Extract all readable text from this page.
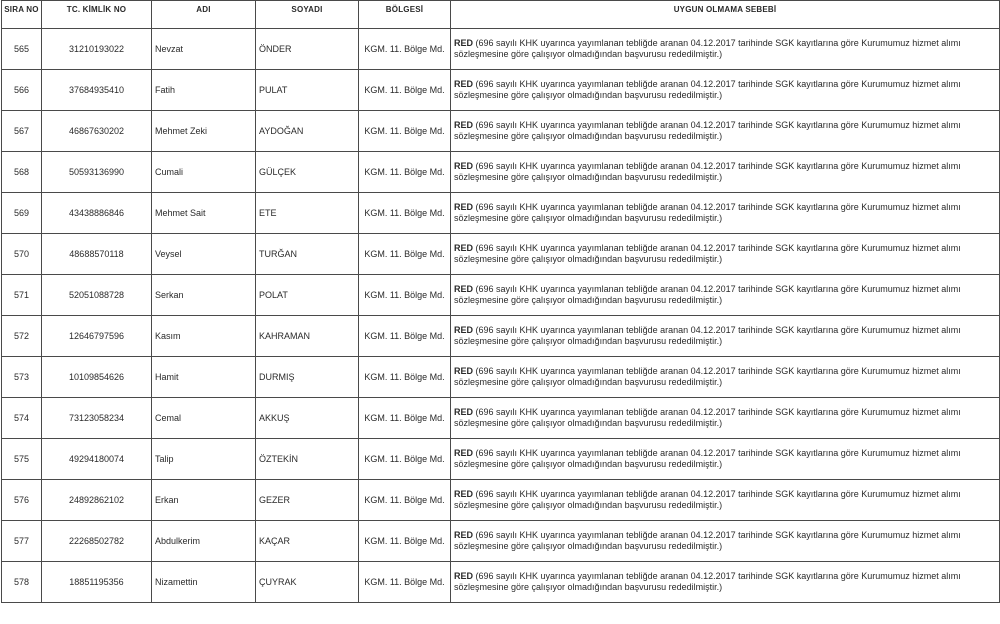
SIRA NO	TC. KİMLİK NO	ADI	SOYADI	BÖLGESİ	UYGUN OLMAMA SEBEBİ
565	31210193022	Nevzat	ÖNDER	KGM. 11. Bölge Md.	RED (696 sayılı KHK uyarınca yayımlanan tebliğde aranan 04.12.2017 tarihinde SGK kayıtlarına göre Kurumumuz hizmet alımı sözleşmesine göre çalışıyor olmadığından başvurusu rededilmiştir.)
566	37684935410	Fatih	PULAT	KGM. 11. Bölge Md.	RED (696 sayılı KHK uyarınca yayımlanan tebliğde aranan 04.12.2017 tarihinde SGK kayıtlarına göre Kurumumuz hizmet alımı sözleşmesine göre çalışıyor olmadığından başvurusu rededilmiştir.)
567	46867630202	Mehmet Zeki	AYDOĞAN	KGM. 11. Bölge Md.	RED (696 sayılı KHK uyarınca yayımlanan tebliğde aranan 04.12.2017 tarihinde SGK kayıtlarına göre Kurumumuz hizmet alımı sözleşmesine göre çalışıyor olmadığından başvurusu rededilmiştir.)
568	50593136990	Cumali	GÜLÇEK	KGM. 11. Bölge Md.	RED (696 sayılı KHK uyarınca yayımlanan tebliğde aranan 04.12.2017 tarihinde SGK kayıtlarına göre Kurumumuz hizmet alımı sözleşmesine göre çalışıyor olmadığından başvurusu rededilmiştir.)
569	43438886846	Mehmet Sait	ETE	KGM. 11. Bölge Md.	RED (696 sayılı KHK uyarınca yayımlanan tebliğde aranan 04.12.2017 tarihinde SGK kayıtlarına göre Kurumumuz hizmet alımı sözleşmesine göre çalışıyor olmadığından başvurusu rededilmiştir.)
570	48688570118	Veysel	TURĞAN	KGM. 11. Bölge Md.	RED (696 sayılı KHK uyarınca yayımlanan tebliğde aranan 04.12.2017 tarihinde SGK kayıtlarına göre Kurumumuz hizmet alımı sözleşmesine göre çalışıyor olmadığından başvurusu rededilmiştir.)
571	52051088728	Serkan	POLAT	KGM. 11. Bölge Md.	RED (696 sayılı KHK uyarınca yayımlanan tebliğde aranan 04.12.2017 tarihinde SGK kayıtlarına göre Kurumumuz hizmet alımı sözleşmesine göre çalışıyor olmadığından başvurusu rededilmiştir.)
572	12646797596	Kasım	KAHRAMAN	KGM. 11. Bölge Md.	RED (696 sayılı KHK uyarınca yayımlanan tebliğde aranan 04.12.2017 tarihinde SGK kayıtlarına göre Kurumumuz hizmet alımı sözleşmesine göre çalışıyor olmadığından başvurusu rededilmiştir.)
573	10109854626	Hamit	DURMIŞ	KGM. 11. Bölge Md.	RED (696 sayılı KHK uyarınca yayımlanan tebliğde aranan 04.12.2017 tarihinde SGK kayıtlarına göre Kurumumuz hizmet alımı sözleşmesine göre çalışıyor olmadığından başvurusu rededilmiştir.)
574	73123058234	Cemal	AKKUŞ	KGM. 11. Bölge Md.	RED (696 sayılı KHK uyarınca yayımlanan tebliğde aranan 04.12.2017 tarihinde SGK kayıtlarına göre Kurumumuz hizmet alımı sözleşmesine göre çalışıyor olmadığından başvurusu rededilmiştir.)
575	49294180074	Talip	ÖZTEKİN	KGM. 11. Bölge Md.	RED (696 sayılı KHK uyarınca yayımlanan tebliğde aranan 04.12.2017 tarihinde SGK kayıtlarına göre Kurumumuz hizmet alımı sözleşmesine göre çalışıyor olmadığından başvurusu rededilmiştir.)
576	24892862102	Erkan	GEZER	KGM. 11. Bölge Md.	RED (696 sayılı KHK uyarınca yayımlanan tebliğde aranan 04.12.2017 tarihinde SGK kayıtlarına göre Kurumumuz hizmet alımı sözleşmesine göre çalışıyor olmadığından başvurusu rededilmiştir.)
577	22268502782	Abdulkerim	KAÇAR	KGM. 11. Bölge Md.	RED (696 sayılı KHK uyarınca yayımlanan tebliğde aranan 04.12.2017 tarihinde SGK kayıtlarına göre Kurumumuz hizmet alımı sözleşmesine göre çalışıyor olmadığından başvurusu rededilmiştir.)
578	18851195356	Nizamettin	ÇUYRAK	KGM. 11. Bölge Md.	RED (696 sayılı KHK uyarınca yayımlanan tebliğde aranan 04.12.2017 tarihinde SGK kayıtlarına göre Kurumumuz hizmet alımı sözleşmesine göre çalışıyor olmadığından başvurusu rededilmiştir.)
